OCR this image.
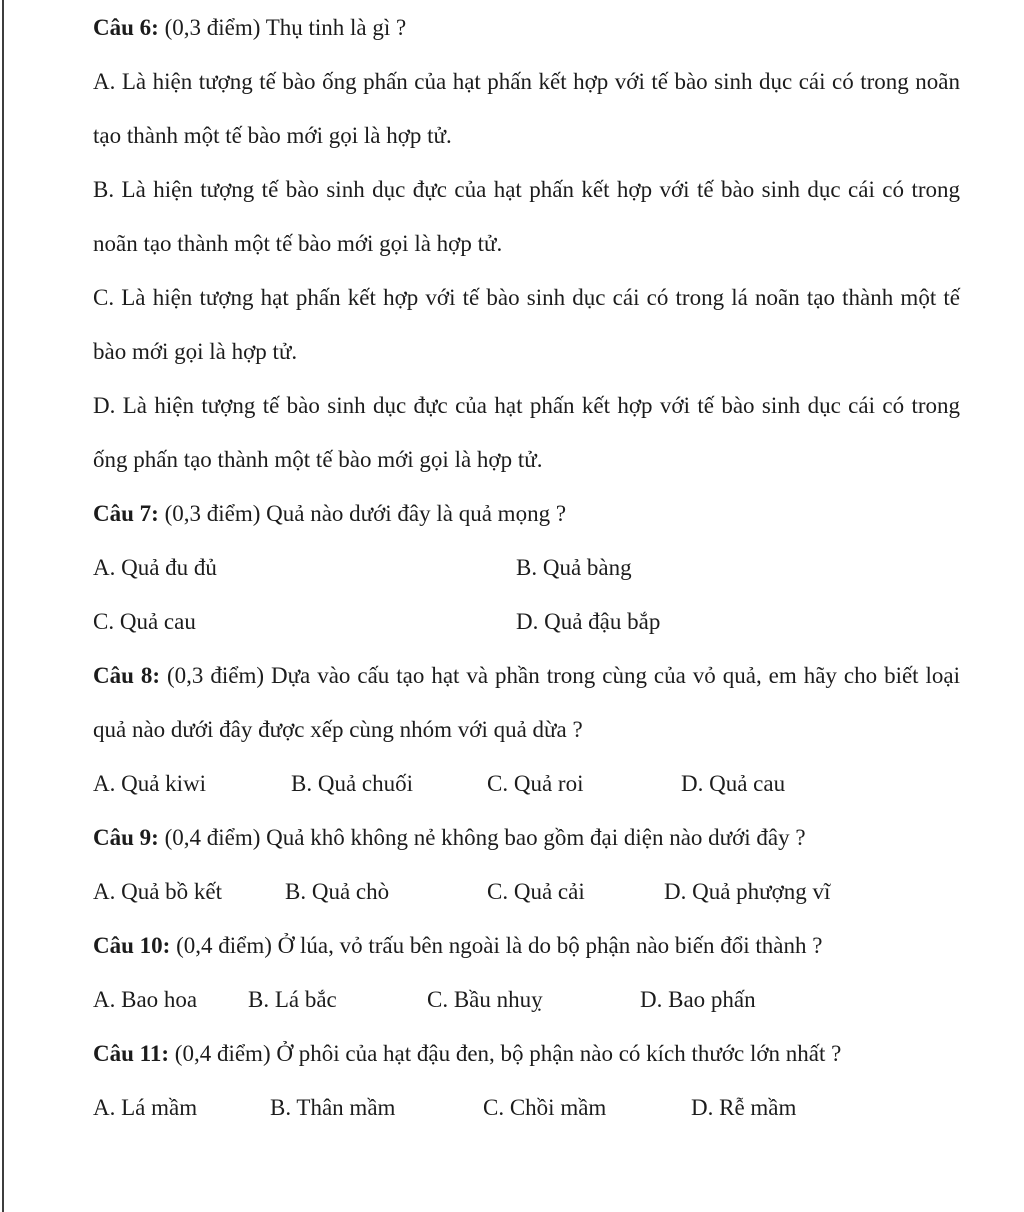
Câu 6: (0,3 điểm) Thụ tinh là gì ?

A. Là hiện tượng tế bào ống phấn của hạt phấn kết hợp với tế bào sinh dục cái có trong noãn tạo thành một tế bào mới gọi là hợp tử.

B. Là hiện tượng tế bào sinh dục đực của hạt phấn kết hợp với tế bào sinh dục cái có trong noãn tạo thành một tế bào mới gọi là hợp tử.

C. Là hiện tượng hạt phấn kết hợp với tế bào sinh dục cái có trong lá noãn tạo thành một tế bào mới gọi là hợp tử.

D. Là hiện tượng tế bào sinh dục đực của hạt phấn kết hợp với tế bào sinh dục cái có trong ống phấn tạo thành một tế bào mới gọi là hợp tử.

Câu 7: (0,3 điểm) Quả nào dưới đây là quả mọng ?

A. Quả đu đủ	B. Quả bàng
C. Quả cau	D. Quả đậu bắp

Câu 8: (0,3 điểm) Dựa vào cấu tạo hạt và phần trong cùng của vỏ quả, em hãy cho biết loại quả nào dưới đây được xếp cùng nhóm với quả dừa ?

A. Quả kiwi	B. Quả chuối	C. Quả roi	D. Quả cau

Câu 9: (0,4 điểm) Quả khô không nẻ không bao gồm đại diện nào dưới đây ?

A. Quả bồ kết	B. Quả chò	C. Quả cải	D. Quả phượng vĩ

Câu 10: (0,4 điểm) Ở lúa, vỏ trấu bên ngoài là do bộ phận nào biến đổi thành ?

A. Bao hoa	B. Lá bắc	C. Bầu nhuỵ	D. Bao phấn

Câu 11: (0,4 điểm) Ở phôi của hạt đậu đen, bộ phận nào có kích thước lớn nhất ?

A. Lá mầm	B. Thân mầm	C. Chồi mầm	D. Rễ mầm
